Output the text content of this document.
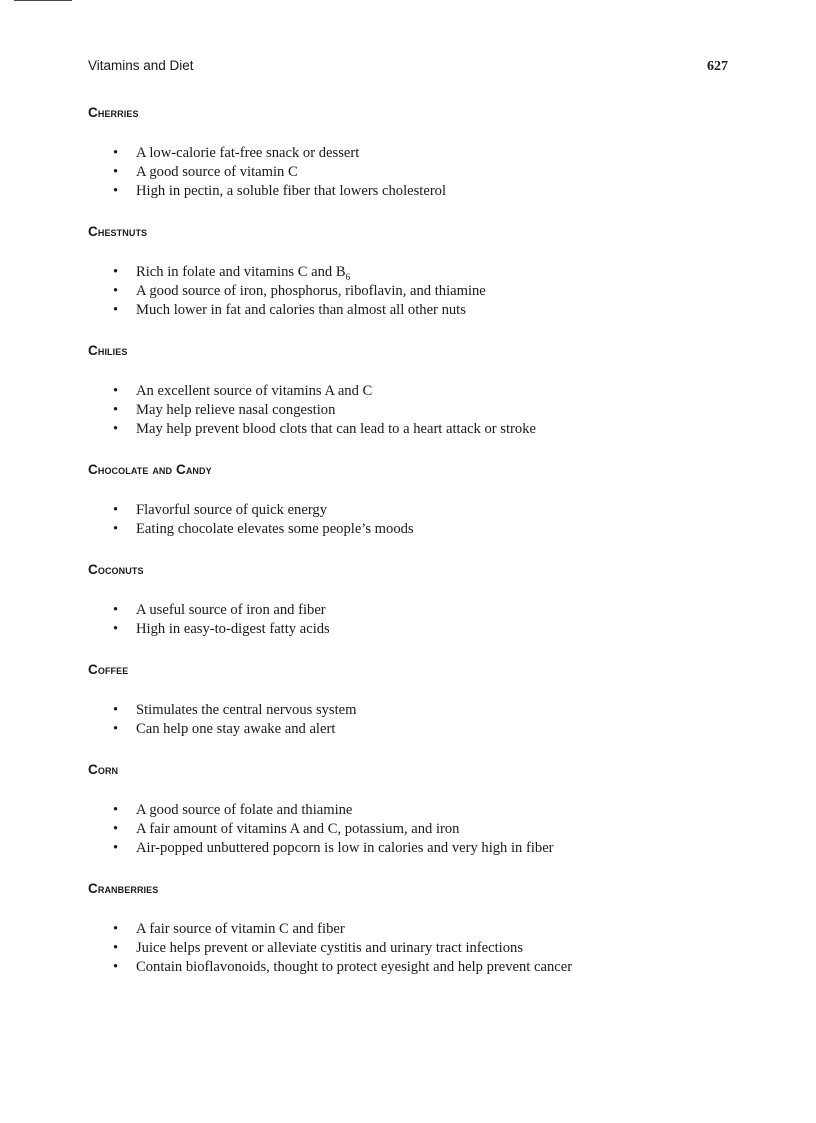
Vitamins and Diet	627
Cherries
• A low-calorie fat-free snack or dessert
• A good source of vitamin C
• High in pectin, a soluble fiber that lowers cholesterol
Chestnuts
• Rich in folate and vitamins C and $B_6$
• A good source of iron, phosphorus, riboflavin, and thiamine
• Much lower in fat and calories than almost all other nuts
Chilies
• An excellent source of vitamins A and C
• May help relieve nasal congestion
• May help prevent blood clots that can lead to a heart attack or stroke
Chocolate and Candy
• Flavorful source of quick energy
• Eating chocolate elevates some people’s moods
Coconuts
• A useful source of iron and fiber
• High in easy-to-digest fatty acids
Coffee
• Stimulates the central nervous system
• Can help one stay awake and alert
Corn
• A good source of folate and thiamine
• A fair amount of vitamins A and C, potassium, and iron
• Air-popped unbuttered popcorn is low in calories and very high in fiber
Cranberries
• A fair source of vitamin C and fiber
• Juice helps prevent or alleviate cystitis and urinary tract infections
• Contain bioflavonoids, thought to protect eyesight and help prevent cancer
